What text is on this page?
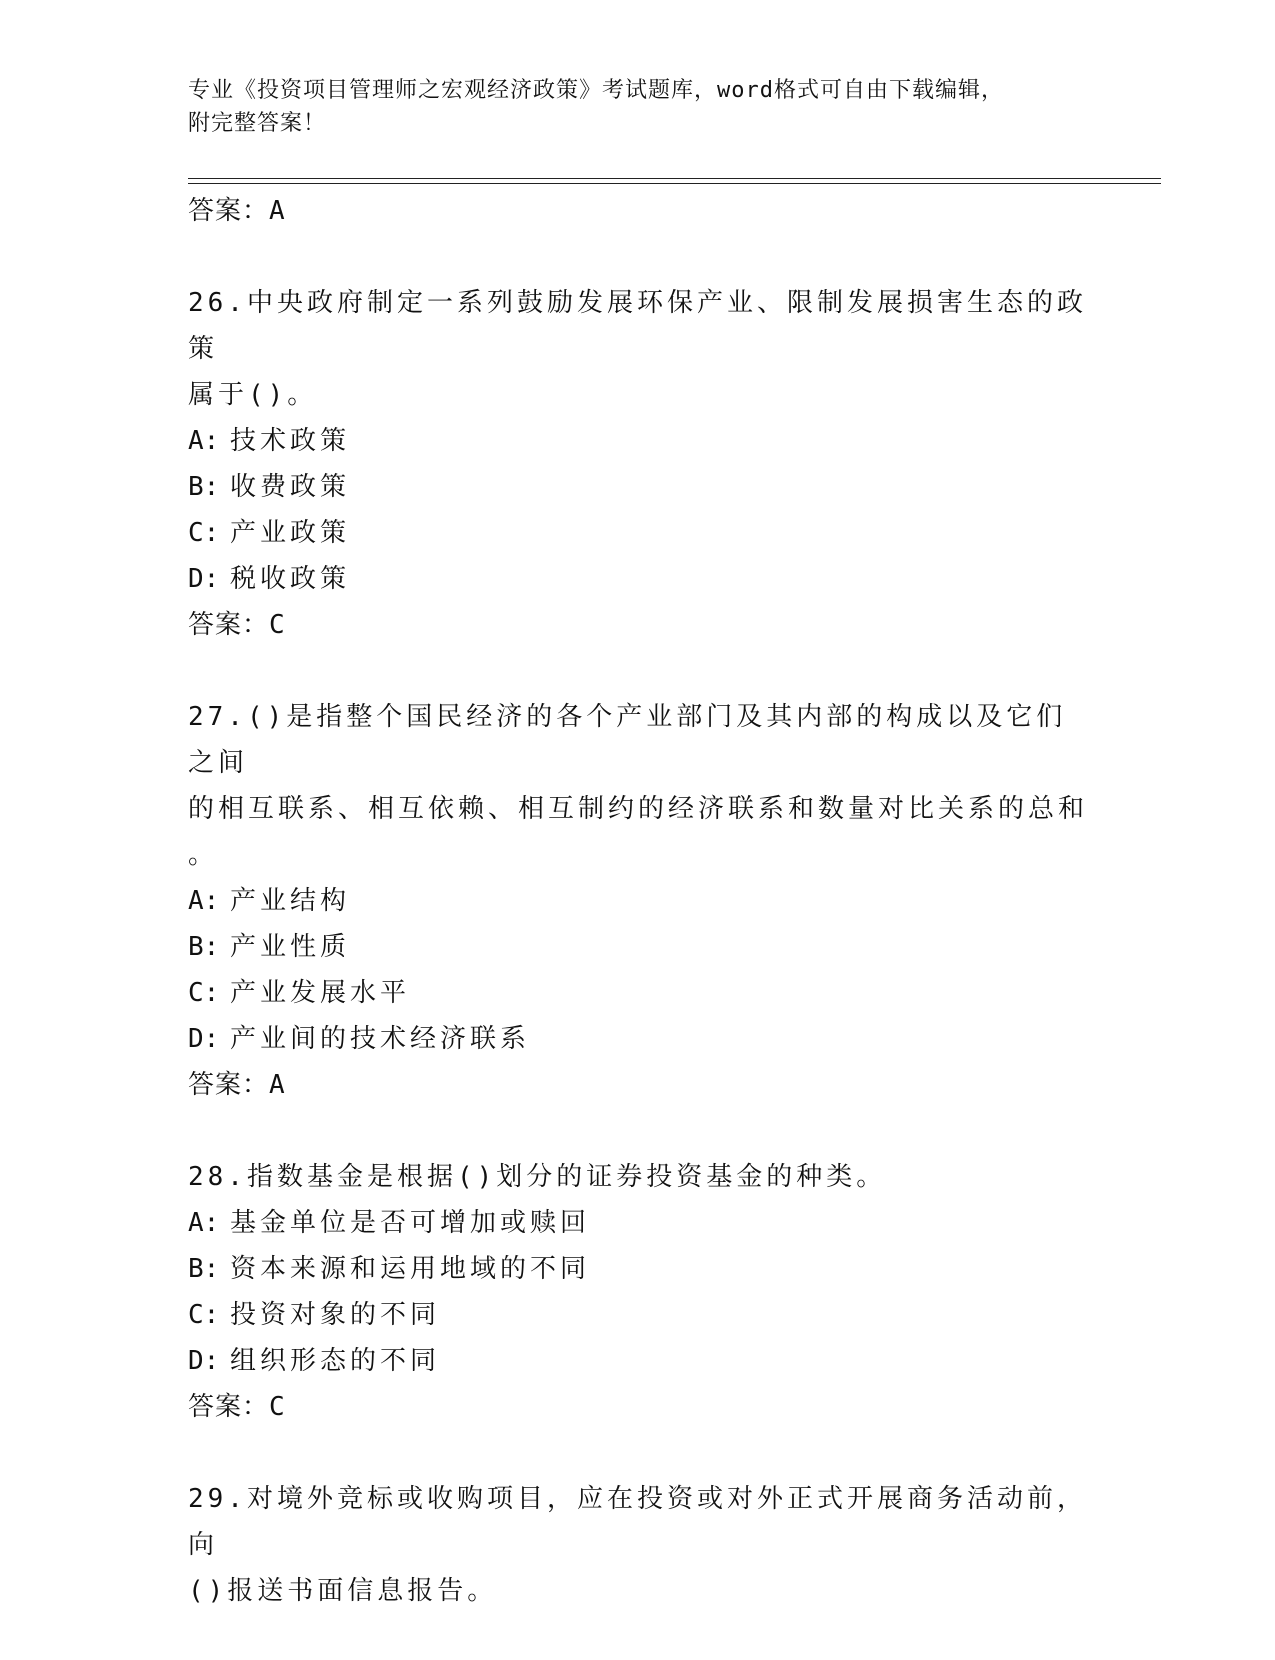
专业《投资项目管理师之宏观经济政策》考试题库，word格式可自由下载编辑，
附完整答案！
答案：A
26.中央政府制定一系列鼓励发展环保产业、限制发展损害生态的政策
属于()。
A: 技术政策
B: 收费政策
C: 产业政策
D: 税收政策
答案：C
27.()是指整个国民经济的各个产业部门及其内部的构成以及它们之间
的相互联系、相互依赖、相互制约的经济联系和数量对比关系的总和
。
A: 产业结构
B: 产业性质
C: 产业发展水平
D: 产业间的技术经济联系
答案：A
28.指数基金是根据()划分的证券投资基金的种类。
A: 基金单位是否可增加或赎回
B: 资本来源和运用地域的不同
C: 投资对象的不同
D: 组织形态的不同
答案：C
29.对境外竞标或收购项目，应在投资或对外正式开展商务活动前，向
()报送书面信息报告。
